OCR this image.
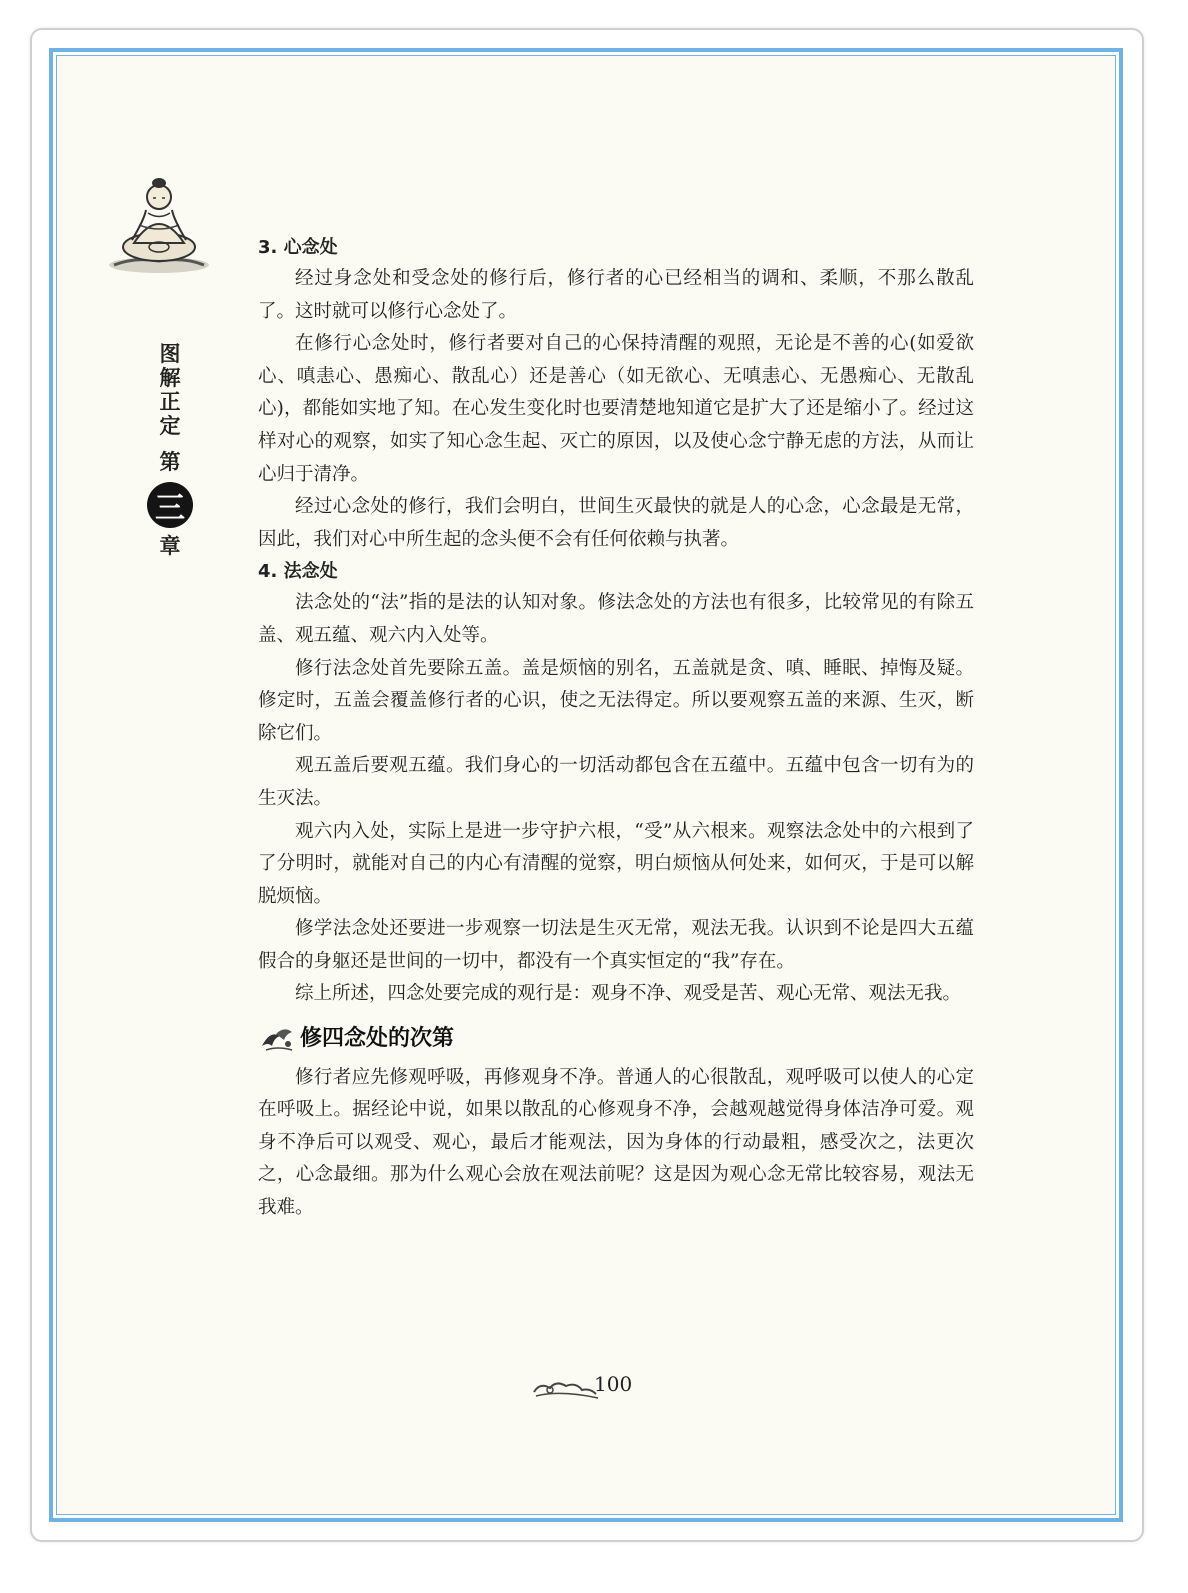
图
解
正
定
第
三
章

3. 心念处

经过身念处和受念处的修行后，修行者的心已经相当的调和、柔顺，不那么散乱了。这时就可以修行心念处了。

在修行心念处时，修行者要对自己的心保持清醒的观照，无论是不善的心(如爱欲心、嗔恚心、愚痴心、散乱心）还是善心（如无欲心、无嗔恚心、无愚痴心、无散乱心)，都能如实地了知。在心发生变化时也要清楚地知道它是扩大了还是缩小了。经过这样对心的观察，如实了知心念生起、灭亡的原因，以及使心念宁静无虑的方法，从而让心归于清净。

经过心念处的修行，我们会明白，世间生灭最快的就是人的心念，心念最是无常，因此，我们对心中所生起的念头便不会有任何依赖与执著。

4. 法念处

法念处的“法”指的是法的认知对象。修法念处的方法也有很多，比较常见的有除五盖、观五蕴、观六内入处等。

修行法念处首先要除五盖。盖是烦恼的别名，五盖就是贪、嗔、睡眠、掉悔及疑。修定时，五盖会覆盖修行者的心识，使之无法得定。所以要观察五盖的来源、生灭，断除它们。

观五盖后要观五蕴。我们身心的一切活动都包含在五蕴中。五蕴中包含一切有为的生灭法。

观六内入处，实际上是进一步守护六根，“受”从六根来。观察法念处中的六根到了了分明时，就能对自己的内心有清醒的觉察，明白烦恼从何处来，如何灭，于是可以解脱烦恼。

修学法念处还要进一步观察一切法是生灭无常，观法无我。认识到不论是四大五蕴假合的身躯还是世间的一切中，都没有一个真实恒定的“我”存在。

综上所述，四念处要完成的观行是：观身不净、观受是苦、观心无常、观法无我。

修四念处的次第

修行者应先修观呼吸，再修观身不净。普通人的心很散乱，观呼吸可以使人的心定在呼吸上。据经论中说，如果以散乱的心修观身不净，会越观越觉得身体洁净可爱。观身不净后可以观受、观心，最后才能观法，因为身体的行动最粗，感受次之，法更次之，心念最细。那为什么观心会放在观法前呢？这是因为观心念无常比较容易，观法无我难。

100
